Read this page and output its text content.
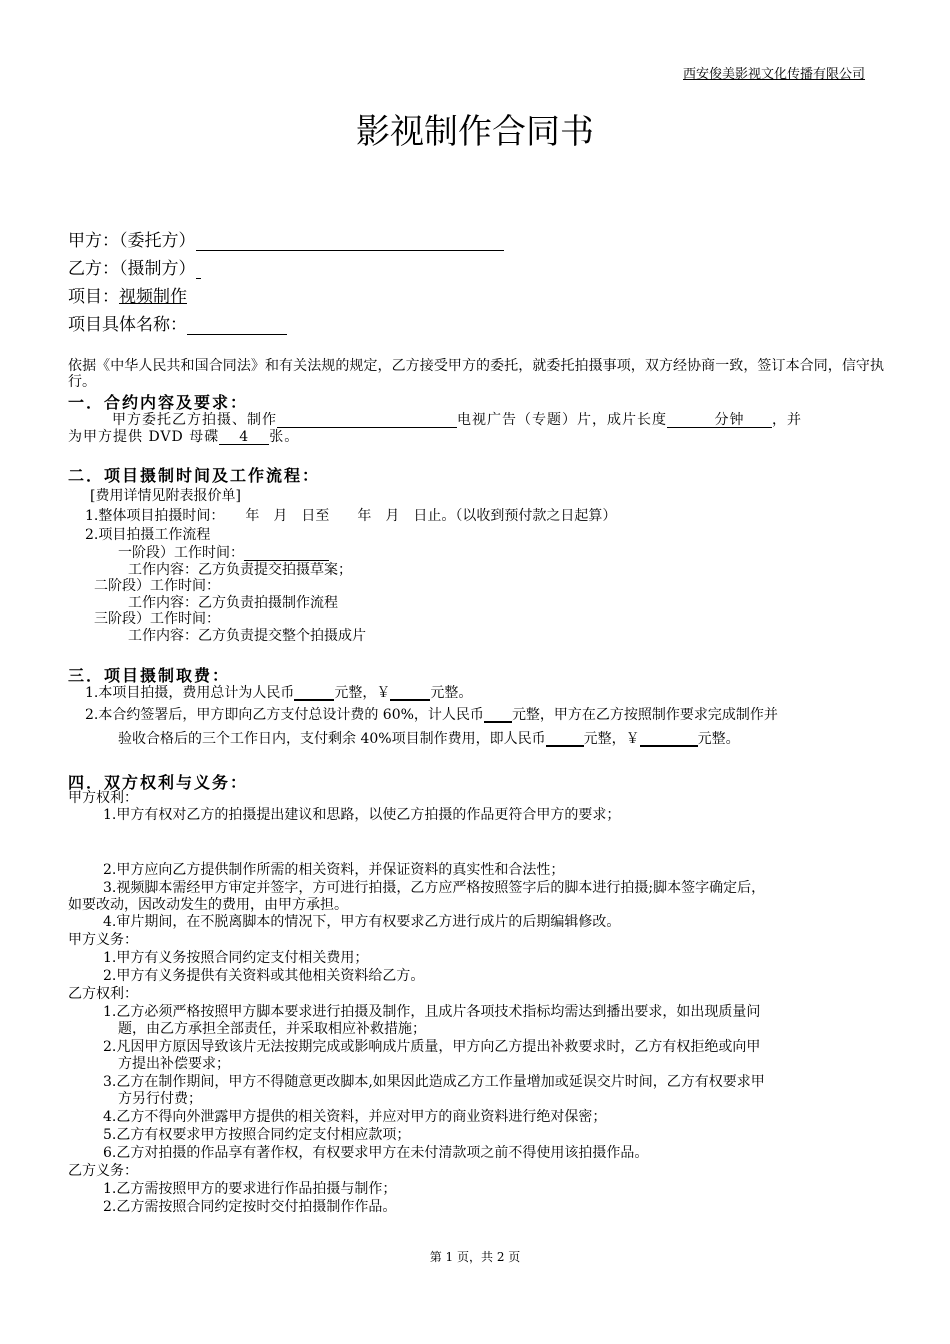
西安俊美影视文化传播有限公司
影视制作合同书
甲方：（委托方）
乙方：（摄制方）
项目：视频制作
项目具体名称：
依据《中华人民共和国合同法》和有关法规的规定，乙方接受甲方的委托，就委托拍摄事项，双方经协商一致，签订本合同，信守执行。
一．合约内容及要求：
甲方委托乙方拍摄、制作	电视广告（专题）片，成片长度	分钟 ，并
为甲方提供 DVD 母碟 4 张。
二．项目摄制时间及工作流程：
[费用详情见附表报价单]
1.整体项目拍摄时间：　　年　月　日至　　年　月　日止。（以收到预付款之日起算）
2.项目拍摄工作流程
一阶段）工作时间：
工作内容：乙方负责提交拍摄草案；
二阶段）工作时间：
工作内容：乙方负责拍摄制作流程
三阶段）工作时间：
工作内容：乙方负责提交整个拍摄成片
三．项目摄制取费：
1.本项目拍摄，费用总计为人民币	元整，￥	元整。
2.本合约签署后，甲方即向乙方支付总设计费的 60%，计人民币 元整，甲方在乙方按照制作要求完成制作并
验收合格后的三个工作日内，支付剩余 40%项目制作费用，即人民币	元整，￥	元整。
四．双方权利与义务：
甲方权利：
1.甲方有权对乙方的拍摄提出建议和思路，以使乙方拍摄的作品更符合甲方的要求；
2.甲方应向乙方提供制作所需的相关资料，并保证资料的真实性和合法性；
3.视频脚本需经甲方审定并签字，方可进行拍摄，乙方应严格按照签字后的脚本进行拍摄;脚本签字确定后，
如要改动，因改动发生的费用，由甲方承担。
4.审片期间，在不脱离脚本的情况下，甲方有权要求乙方进行成片的后期编辑修改。
甲方义务：
1.甲方有义务按照合同约定支付相关费用；
2.甲方有义务提供有关资料或其他相关资料给乙方。
乙方权利：
1.乙方必须严格按照甲方脚本要求进行拍摄及制作，且成片各项技术指标均需达到播出要求，如出现质量问
题，由乙方承担全部责任，并采取相应补救措施；
2.凡因甲方原因导致该片无法按期完成或影响成片质量，甲方向乙方提出补救要求时，乙方有权拒绝或向甲
方提出补偿要求；
3.乙方在制作期间，甲方不得随意更改脚本,如果因此造成乙方工作量增加或延误交片时间，乙方有权要求甲
方另行付费；
4.乙方不得向外泄露甲方提供的相关资料，并应对甲方的商业资料进行绝对保密；
5.乙方有权要求甲方按照合同约定支付相应款项；
6.乙方对拍摄的作品享有著作权，有权要求甲方在未付清款项之前不得使用该拍摄作品。
乙方义务：
1.乙方需按照甲方的要求进行作品拍摄与制作；
2.乙方需按照合同约定按时交付拍摄制作作品。
第 1 页，共 2 页
